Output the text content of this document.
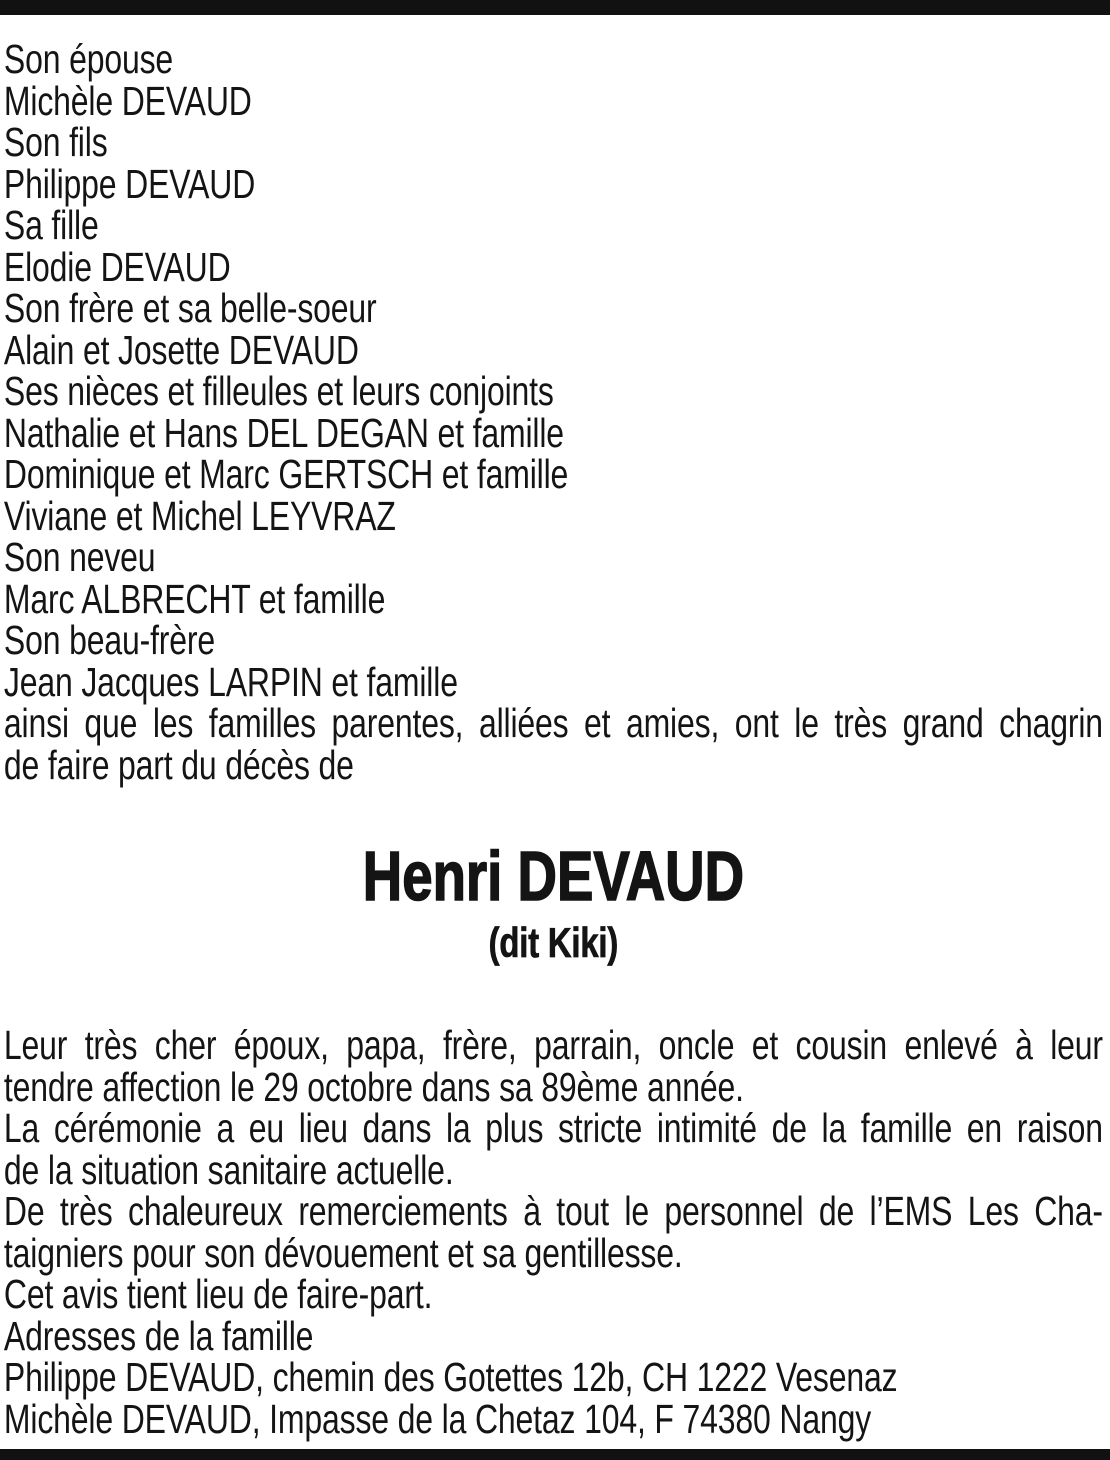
Son épouse
Michèle DEVAUD
Son fils
Philippe DEVAUD
Sa fille
Elodie DEVAUD
Son frère et sa belle-soeur
Alain et Josette DEVAUD
Ses nièces et filleules et leurs conjoints
Nathalie et Hans DEL DEGAN et famille
Dominique et Marc GERTSCH et famille
Viviane et Michel LEYVRAZ
Son neveu
Marc ALBRECHT et famille
Son beau-frère
Jean Jacques LARPIN et famille
ainsi que les familles parentes, alliées et amies, ont le très grand chagrin
de faire part du décès de
Henri DEVAUD
(dit Kiki)
Leur très cher époux, papa, frère, parrain, oncle et cousin enlevé à leur
tendre affection le 29 octobre dans sa 89ème année.
La cérémonie a eu lieu dans la plus stricte intimité de la famille en raison
de la situation sanitaire actuelle.
De très chaleureux remerciements à tout le personnel de l’EMS Les Cha-
taigniers pour son dévouement et sa gentillesse.
Cet avis tient lieu de faire-part.
Adresses de la famille
Philippe DEVAUD, chemin des Gotettes 12b, CH 1222 Vesenaz
Michèle DEVAUD, Impasse de la Chetaz 104, F 74380 Nangy
